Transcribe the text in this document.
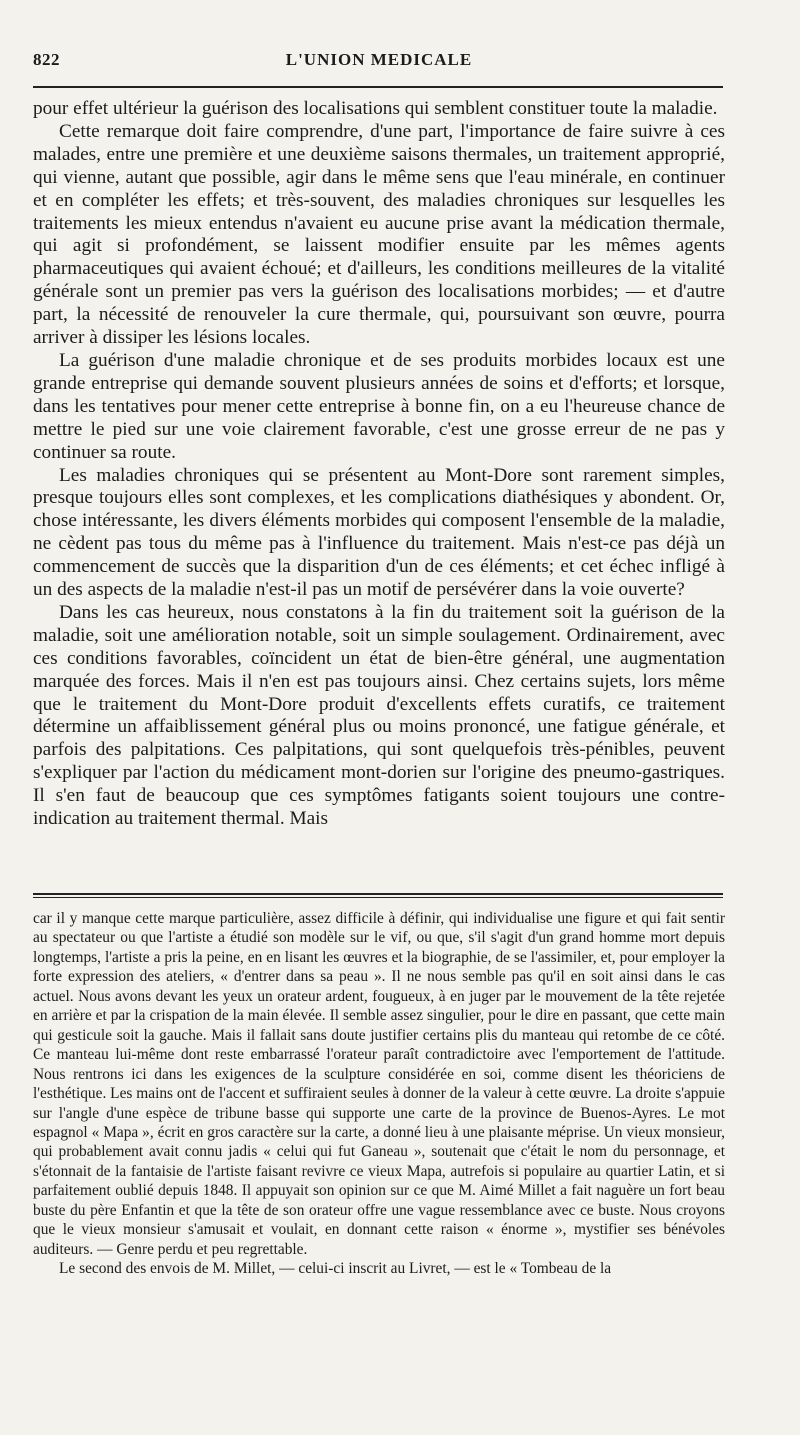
822	L'UNION MEDICALE

pour effet ultérieur la guérison des localisations qui semblent constituer toute la maladie.

Cette remarque doit faire comprendre, d'une part, l'importance de faire suivre à ces malades, entre une première et une deuxième saisons thermales, un traitement approprié, qui vienne, autant que possible, agir dans le même sens que l'eau minérale, en continuer et en compléter les effets; et très-souvent, des maladies chroniques sur lesquelles les traitements les mieux entendus n'avaient eu aucune prise avant la médication thermale, qui agit si profondément, se laissent modifier ensuite par les mêmes agents pharmaceutiques qui avaient échoué; et d'ailleurs, les conditions meilleures de la vitalité générale sont un premier pas vers la guérison des localisations morbides; — et d'autre part, la nécessité de renouveler la cure thermale, qui, poursuivant son œuvre, pourra arriver à dissiper les lésions locales.

La guérison d'une maladie chronique et de ses produits morbides locaux est une grande entreprise qui demande souvent plusieurs années de soins et d'efforts; et lorsque, dans les tentatives pour mener cette entreprise à bonne fin, on a eu l'heureuse chance de mettre le pied sur une voie clairement favorable, c'est une grosse erreur de ne pas y continuer sa route.

Les maladies chroniques qui se présentent au Mont-Dore sont rarement simples, presque toujours elles sont complexes, et les complications diathésiques y abondent. Or, chose intéressante, les divers éléments morbides qui composent l'ensemble de la maladie, ne cèdent pas tous du même pas à l'influence du traitement. Mais n'est-ce pas déjà un commencement de succès que la disparition d'un de ces éléments; et cet échec infligé à un des aspects de la maladie n'est-il pas un motif de persévérer dans la voie ouverte?

Dans les cas heureux, nous constatons à la fin du traitement soit la guérison de la maladie, soit une amélioration notable, soit un simple soulagement. Ordinairement, avec ces conditions favorables, coïncident un état de bien-être général, une augmentation marquée des forces. Mais il n'en est pas toujours ainsi. Chez certains sujets, lors même que le traitement du Mont-Dore produit d'excellents effets curatifs, ce traitement détermine un affaiblissement général plus ou moins prononcé, une fatigue générale, et parfois des palpitations. Ces palpitations, qui sont quelquefois très-pénibles, peuvent s'expliquer par l'action du médicament mont-dorien sur l'origine des pneumo-gastriques. Il s'en faut de beaucoup que ces symptômes fatigants soient toujours une contre-indication au traitement thermal. Mais

car il y manque cette marque particulière, assez difficile à définir, qui individualise une figure et qui fait sentir au spectateur ou que l'artiste a étudié son modèle sur le vif, ou que, s'il s'agit d'un grand homme mort depuis longtemps, l'artiste a pris la peine, en en lisant les œuvres et la biographie, de se l'assimiler, et, pour employer la forte expression des ateliers, « d'entrer dans sa peau ». Il ne nous semble pas qu'il en soit ainsi dans le cas actuel. Nous avons devant les yeux un orateur ardent, fougueux, à en juger par le mouvement de la tête rejetée en arrière et par la crispation de la main élevée. Il semble assez singulier, pour le dire en passant, que cette main qui gesticule soit la gauche. Mais il fallait sans doute justifier certains plis du manteau qui retombe de ce côté. Ce manteau lui-même dont reste embarrassé l'orateur paraît contradictoire avec l'emportement de l'attitude. Nous rentrons ici dans les exigences de la sculpture considérée en soi, comme disent les théoriciens de l'esthétique. Les mains ont de l'accent et suffiraient seules à donner de la valeur à cette œuvre. La droite s'appuie sur l'angle d'une espèce de tribune basse qui supporte une carte de la province de Buenos-Ayres. Le mot espagnol « Mapa », écrit en gros caractère sur la carte, a donné lieu à une plaisante méprise. Un vieux monsieur, qui probablement avait connu jadis « celui qui fut Ganeau », soutenait que c'était le nom du personnage, et s'étonnait de la fantaisie de l'artiste faisant revivre ce vieux Mapa, autrefois si populaire au quartier Latin, et si parfaitement oublié depuis 1848. Il appuyait son opinion sur ce que M. Aimé Millet a fait naguère un fort beau buste du père Enfantin et que la tête de son orateur offre une vague ressemblance avec ce buste. Nous croyons que le vieux monsieur s'amusait et voulait, en donnant cette raison « énorme », mystifier ses bénévoles auditeurs. — Genre perdu et peu regrettable.

Le second des envois de M. Millet, — celui-ci inscrit au Livret, — est le « Tombeau de la
